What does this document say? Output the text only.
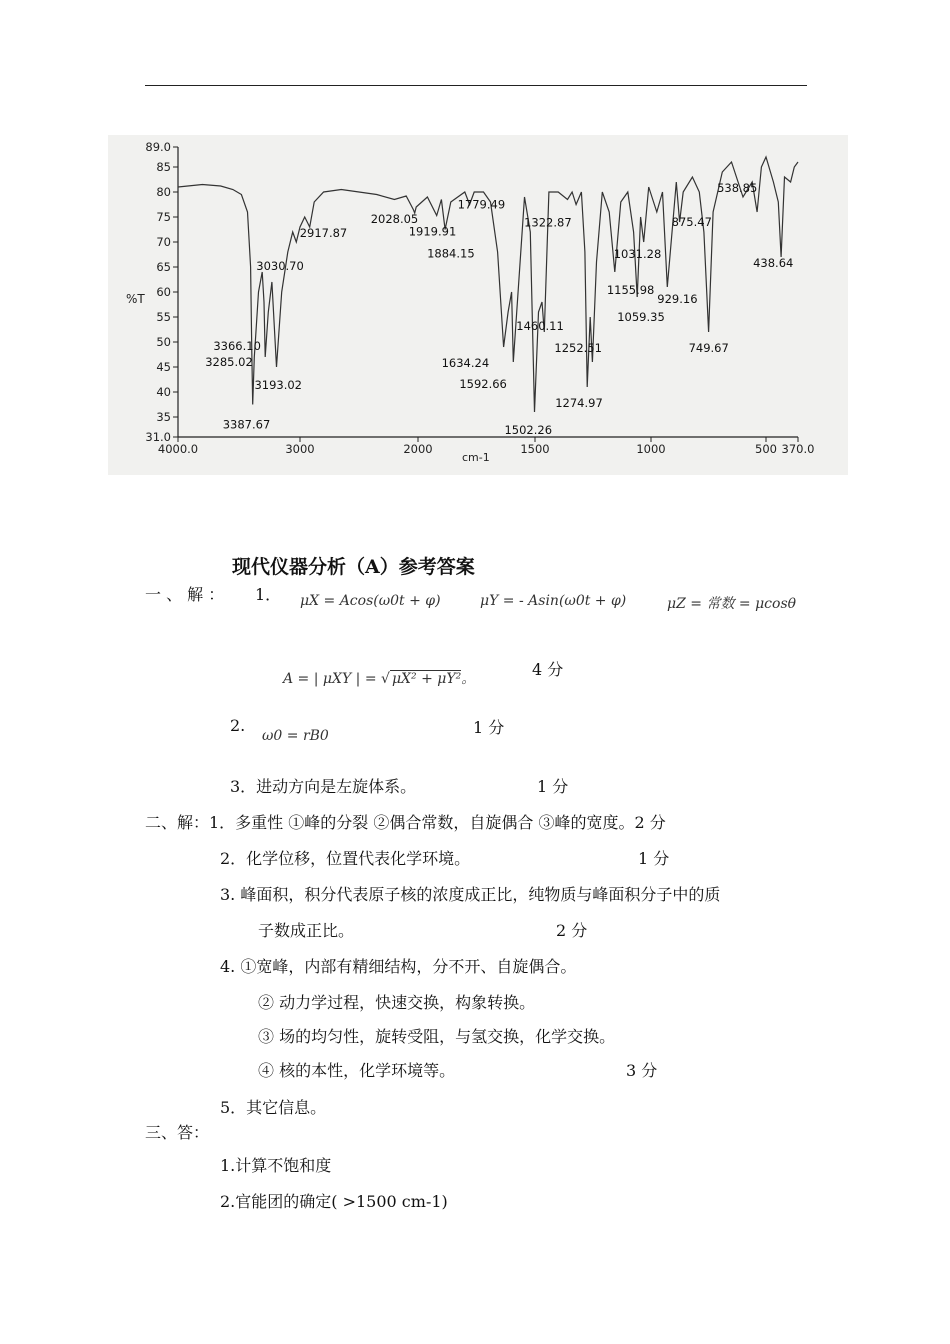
89.0
85
80
75
70
65
60
55
50
45
40
35
31.0
4000.0	3000	2000	1500	1000	500 370.0
3366.10
3285.02
3193.02
3387.67
3030.70
2917.87
2028.05
1919.91
1884.15
1779.49
1634.24
1592.66
1502.26
1460.11
1322.87
1274.97
1252.51
1155.98
1059.35
1031.28
929.16
875.47
749.67
538.85
438.64
%T
cm-1
现代仪器分析（A）参考答案
一 、 解 ： 1． μX = Acos(ω0t + φ)	μY = - Asin(ω0t + φ)	μZ = 常数 = μcosθ
A = | μXY | = √ μX² + μY²。	4 分
2.
ω0 = rB0	1 分
3．进动方向是左旋体系。	1 分
二、解：1．多重性 ①峰的分裂 ②偶合常数，自旋偶合 ③峰的宽度。2 分
2．化学位移，位置代表化学环境。	1 分
3. 峰面积，积分代表原子核的浓度成正比，纯物质与峰面积分子中的质
子数成正比。	2 分
4. ①宽峰，内部有精细结构，分不开、自旋偶合。
② 动力学过程，快速交换，构象转换。
③ 场的均匀性，旋转受阻，与氢交换，化学交换。
④ 核的本性，化学环境等。	3 分
5．其它信息。
三、答：
1.计算不饱和度
2.官能团的确定( >1500 cm-1)
